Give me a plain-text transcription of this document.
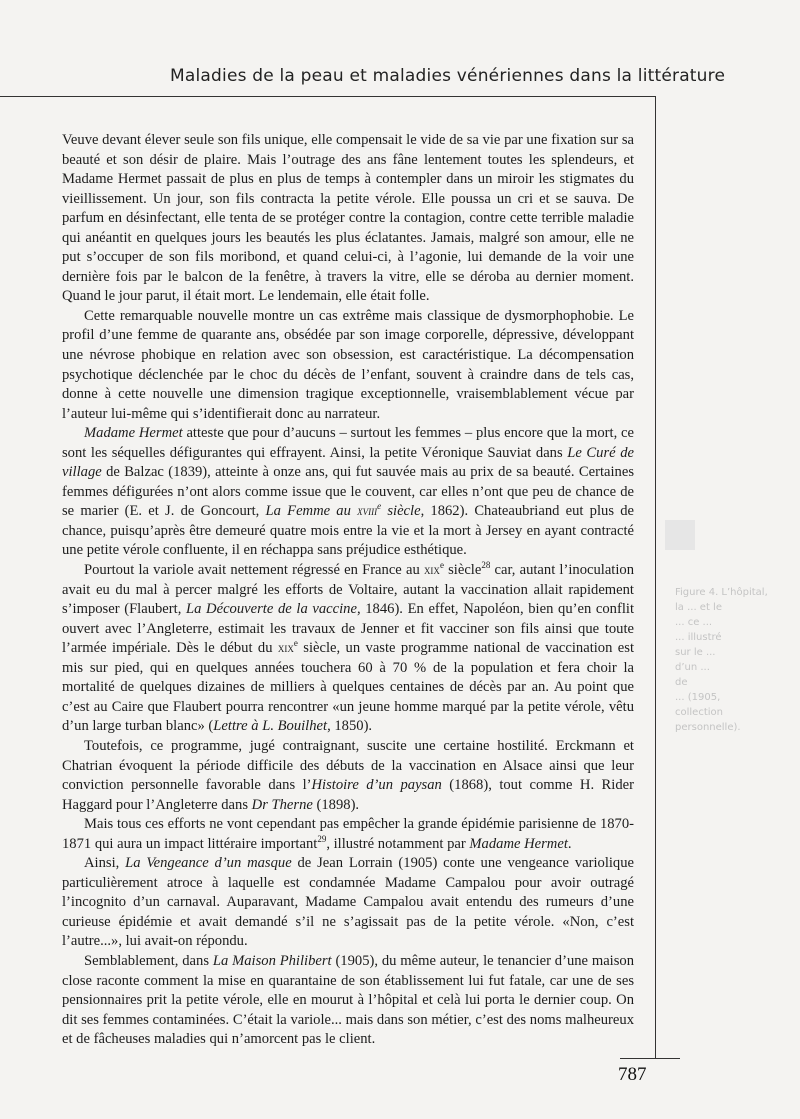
Maladies de la peau et maladies vénériennes dans la littérature

Veuve devant élever seule son fils unique, elle compensait le vide de sa vie par une fixation sur sa beauté et son désir de plaire. Mais l’outrage des ans fâne lentement toutes les splendeurs, et Madame Hermet passait de plus en plus de temps à contempler dans un miroir les stigmates du vieillissement. Un jour, son fils contracta la petite vérole. Elle poussa un cri et se sauva. De parfum en désinfectant, elle tenta de se protéger contre la contagion, contre cette terrible maladie qui anéantit en quelques jours les beautés les plus éclatantes. Jamais, malgré son amour, elle ne put s’occuper de son fils moribond, et quand celui-ci, à l’agonie, lui demande de la voir une dernière fois par le balcon de la fenêtre, à travers la vitre, elle se déroba au dernier moment. Quand le jour parut, il était mort. Le lendemain, elle était folle.

Cette remarquable nouvelle montre un cas extrême mais classique de dysmorphophobie. Le profil d’une femme de quarante ans, obsédée par son image corporelle, dépressive, développant une névrose phobique en relation avec son obsession, est caractéristique. La décompensation psychotique déclenchée par le choc du décès de l’enfant, souvent à craindre dans de tels cas, donne à cette nouvelle une dimension tragique exceptionnelle, vraisemblablement vécue par l’auteur lui-même qui s’identifierait donc au narrateur.

Madame Hermet atteste que pour d’aucuns – surtout les femmes – plus encore que la mort, ce sont les séquelles défigurantes qui effrayent. Ainsi, la petite Véronique Sauviat dans Le Curé de village de Balzac (1839), atteinte à onze ans, qui fut sauvée mais au prix de sa beauté. Certaines femmes défigurées n’ont alors comme issue que le couvent, car elles n’ont que peu de chance de se marier (E. et J. de Goncourt, La Femme au xviii$^e$ siècle, 1862). Chateaubriand eut plus de chance, puisqu’après être demeuré quatre mois entre la vie et la mort à Jersey en ayant contracté une petite vérole confluente, il en réchappa sans préjudice esthétique.

Pourtout la variole avait nettement régressé en France au xix$^e$ siècle$^{28}$ car, autant l’inoculation avait eu du mal à percer malgré les efforts de Voltaire, autant la vaccination allait rapidement s’imposer (Flaubert, La Découverte de la vaccine, 1846). En effet, Napoléon, bien qu’en conflit ouvert avec l’Angleterre, estimait les travaux de Jenner et fit vacciner son fils ainsi que toute l’armée impériale. Dès le début du xix$^e$ siècle, un vaste programme national de vaccination est mis sur pied, qui en quelques années touchera 60 à 70 % de la population et fera choir la mortalité de quelques dizaines de milliers à quelques centaines de décès par an. Au point que c’est au Caire que Flaubert pourra rencontrer «un jeune homme marqué par la petite vérole, vêtu d’un large turban blanc» (Lettre à L. Bouilhet, 1850).

Toutefois, ce programme, jugé contraignant, suscite une certaine hostilité. Erckmann et Chatrian évoquent la période difficile des débuts de la vaccination en Alsace ainsi que leur conviction personnelle favorable dans l’Histoire d’un paysan (1868), tout comme H. Rider Haggard pour l’Angleterre dans Dr Therne (1898).

Mais tous ces efforts ne vont cependant pas empêcher la grande épidémie parisienne de 1870-1871 qui aura un impact littéraire important$^{29}$, illustré notamment par Madame Hermet.

Ainsi, La Vengeance d’un masque de Jean Lorrain (1905) conte une vengeance variolique particulièrement atroce à laquelle est condamnée Madame Campalou pour avoir outragé l’incognito d’un carnaval. Auparavant, Madame Campalou avait entendu des rumeurs d’une curieuse épidémie et avait demandé s’il ne s’agissait pas de la petite vérole. «Non, c’est l’autre...», lui avait-on répondu.

Semblablement, dans La Maison Philibert (1905), du même auteur, le tenancier d’une maison close raconte comment la mise en quarantaine de son établissement lui fut fatale, car une de ses pensionnaires prit la petite vérole, elle en mourut à l’hôpital et celà lui porta le dernier coup. On dit ses femmes contaminées. C’était la variole... mais dans son métier, c’est des noms malheureux et de fâcheuses maladies qui n’amorcent pas le client.

Figure 4. L’hôpital,
la ... et le
... ce ...
... illustré
sur le ...
d’un ...
de
... (1905,
collection
personnelle).
787
